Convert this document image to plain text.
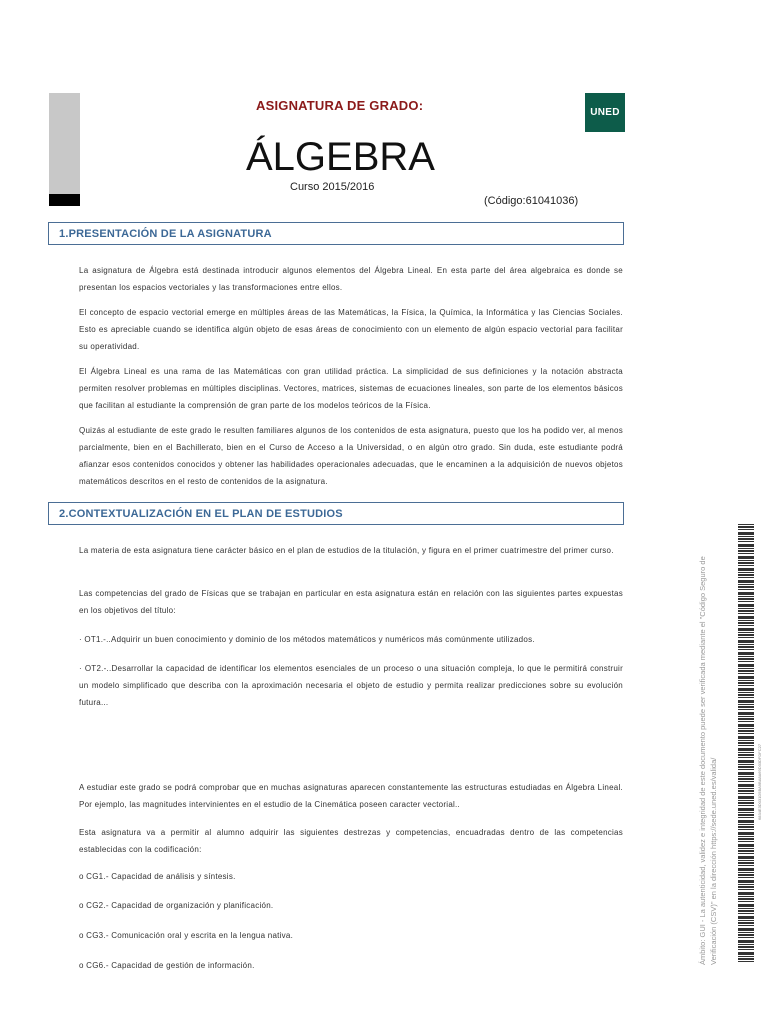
ASIGNATURA DE GRADO:	UNED
ÁLGEBRA
Curso 2015/2016
(Código:61041036)
1.PRESENTACIÓN DE LA ASIGNATURA
La asignatura de Álgebra está destinada introducir algunos elementos del Álgebra Lineal. En esta parte del área algebraica es donde se presentan los espacios vectoriales y las transformaciones entre ellos.
El concepto de espacio vectorial emerge en múltiples áreas de las Matemáticas, la Física, la Química, la Informática y las Ciencias Sociales. Esto es apreciable cuando se identifica algún objeto de esas áreas de conocimiento con un elemento de algún espacio vectorial para facilitar su operatividad.
El Álgebra Lineal es una rama de las Matemáticas con gran utilidad práctica. La simplicidad de sus definiciones y la notación abstracta permiten resolver problemas en múltiples disciplinas. Vectores, matrices, sistemas de ecuaciones lineales, son parte de los elementos básicos que facilitan al estudiante la comprensión de gran parte de los modelos teóricos de la Física.
Quizás al estudiante de este grado le resulten familiares algunos de los contenidos de esta asignatura, puesto que los ha podido ver, al menos parcialmente, bien en el Bachillerato, bien en el Curso de Acceso a la Universidad, o en algún otro grado. Sin duda, este estudiante podrá afianzar esos contenidos conocidos y obtener las habilidades operacionales adecuadas, que le encaminen a la adquisición de nuevos objetos matemáticos descritos en el resto de contenidos de la asignatura.
2.CONTEXTUALIZACIÓN EN EL PLAN DE ESTUDIOS
La materia de esta asignatura tiene carácter básico en el plan de estudios de la titulación, y figura en el primer cuatrimestre del primer curso.
Las competencias del grado de Físicas que se trabajan en particular en esta asignatura están en relación con las siguientes partes expuestas en los objetivos del título:
· OT1.-..Adquirir un buen conocimiento y dominio de los métodos matemáticos y numéricos más comúnmente utilizados.
· OT2.-..Desarrollar la capacidad de identificar los elementos esenciales de un proceso o una situación compleja, lo que le permitirá construir un modelo simplificado que describa con la aproximación necesaria el objeto de estudio y permita realizar predicciones sobre su evolución futura...
A estudiar este grado se podrá comprobar que en muchas asignaturas aparecen constantemente las estructuras estudiadas en Álgebra Lineal. Por ejemplo, las magnitudes intervinientes en el estudio de la Cinemática poseen caracter vectorial..
Esta asignatura va a permitir al alumno adquirir las siguientes destrezas y competencias, encuadradas dentro de las competencias establecidas con la codificación:
o CG1.- Capacidad de análisis y síntesis.
o CG2.- Capacidad de organización y planificación.
o CG3.- Comunicación oral y escrita en la lengua nativa.
o CG6.- Capacidad de gestión de información.
Ámbito: GUI - La autenticidad, validez e integridad de este documento puede ser verificada mediante el "Código Seguro de Verificación (CSV)" en la dirección https://sede.uned.es/valida/	6834E3D031D5BA9BA8A69D33DFDFC27
